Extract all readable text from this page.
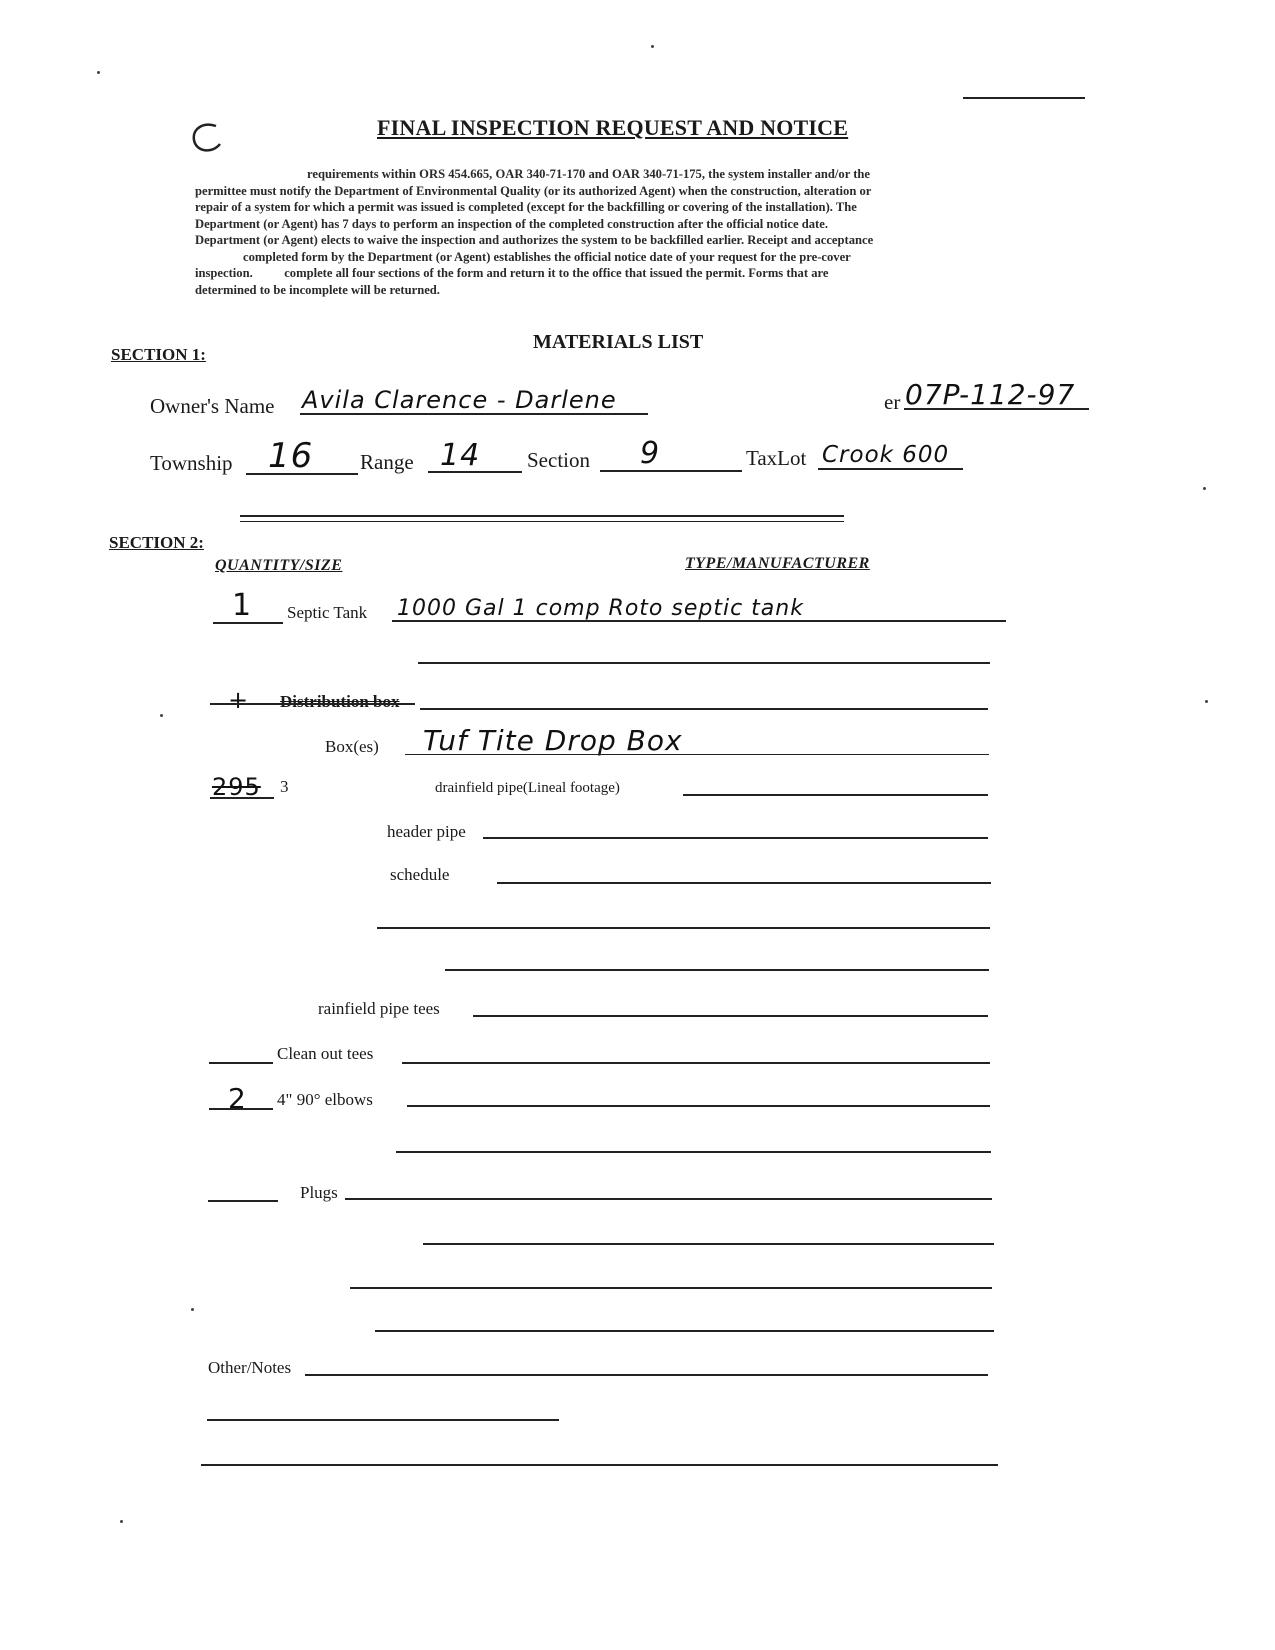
FINAL INSPECTION REQUEST AND NOTICE
requirements within ORS 454.665, OAR 340-71-170 and OAR 340-71-175, the system installer and/or the
permittee must notify the Department of Environmental Quality (or its authorized Agent) when the construction, alteration or
repair of a system for which a permit was issued is completed (except for the backfilling or covering of the installation). The
Department (or Agent) has 7 days to perform an inspection of the completed construction after the official notice date.
Department (or Agent) elects to waive the inspection and authorizes the system to be backfilled earlier. Receipt and acceptance
completed form by the Department (or Agent) establishes the official notice date of your request for the pre-cover
inspection.          complete all four sections of the form and return it to the office that issued the permit. Forms that are
determined to be incomplete will be returned.
SECTION 1:
MATERIALS LIST
Owner's Name Avila Clarence - Darlene	er 07P-112-97
Township 16 Range 14 Section 9	TaxLot Crook 600
SECTION 2:
QUANTITY/SIZE	TYPE/MANUFACTURER
1 Septic Tank 1000 Gal 1 comp Roto septic tank
+ Distribution box
Box(es) Tuf Tite Drop Box
295 3	drainfield pipe(Lineal footage)
header pipe
schedule
rainfield pipe tees
Clean out tees
2 4" 90° elbows
Plugs
Other/Notes
